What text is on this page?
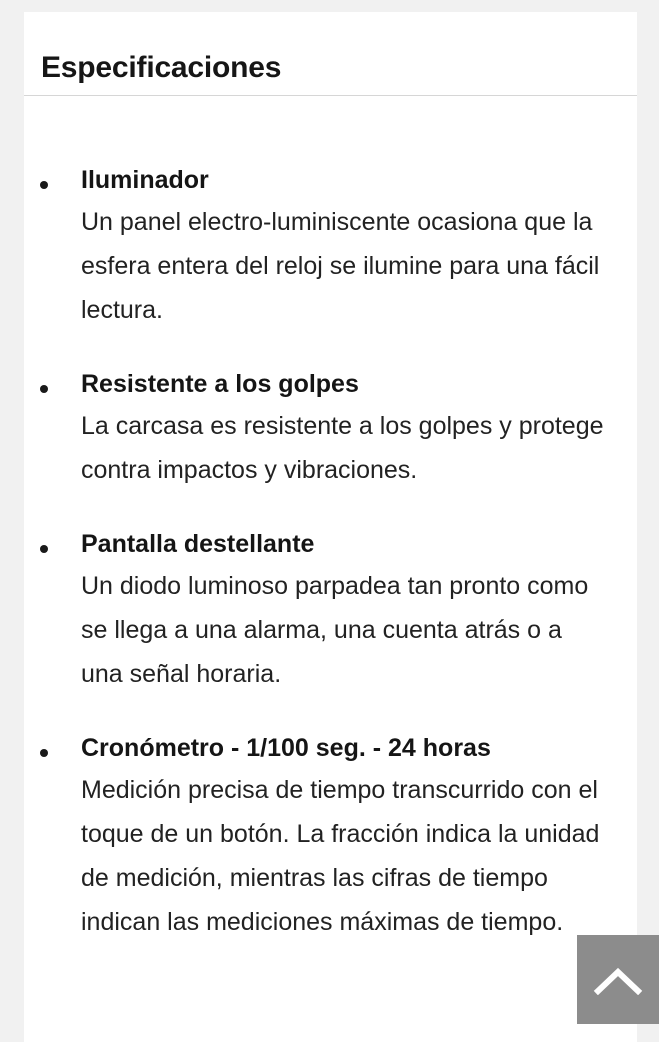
Especificaciones
Iluminador
Un panel electro-luminiscente ocasiona que la esfera entera del reloj se ilumine para una fácil lectura.
Resistente a los golpes
La carcasa es resistente a los golpes y protege contra impactos y vibraciones.
Pantalla destellante
Un diodo luminoso parpadea tan pronto como se llega a una alarma, una cuenta atrás o a una señal horaria.
Cronómetro - 1/100 seg. - 24 horas
Medición precisa de tiempo transcurrido con el toque de un botón. La fracción indica la unidad de medición, mientras las cifras de tiempo indican las mediciones máximas de tiempo.
